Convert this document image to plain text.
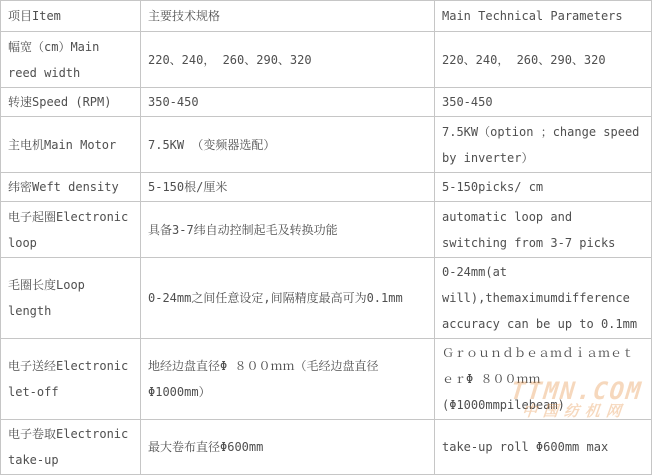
项目Item	主要技术规格	Main Technical Parameters
幅宽（cm）Main reed width	220、240， 260、290、320	220、240， 260、290、320
转速Speed (RPM)	350-450	350-450
主电机Main Motor	7.5KW （变频器选配）	7.5KW（option ；change speed by inverter）
纬密Weft density	5-150根/厘米	5-150picks/ cm
电子起圈Electronic loop	具备3-7纬自动控制起毛及转换功能	automatic loop and switching from 3-7 picks
毛圈长度Loop length	0-24mm之间任意设定,间隔精度最高可为0.1mm	0-24mm(at will),themaximumdifference accuracy can be up to 0.1mm
电子送经Electronic let-off	地经边盘直径Φ ８００ｍｍ（毛经边盘直径Φ1000mm）	ＧｒｏｕｎｄｂｅａｍｄｉａｍｅｔｅｒΦ ８００ｍｍ (Φ1000mmpilebeam)
电子卷取Electronic take-up	最大卷布直径Φ600mm	take-up roll Φ600mm max
TTMN.COM
中国纺机网
